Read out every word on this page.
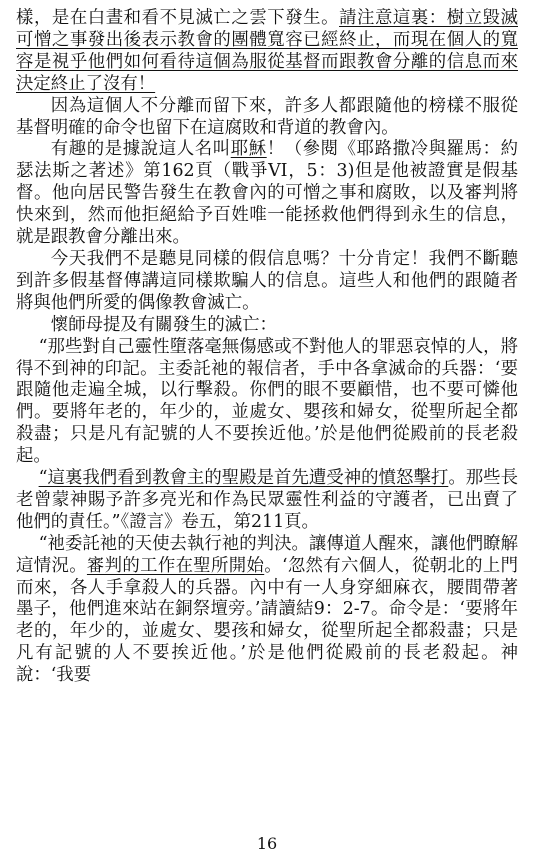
樣，是在白晝和看不見滅亡之雲下發生。請注意這裏：樹立毀滅可憎之事發出後表示教會的團體寬容已經終止，而現在個人的寬容是視乎他們如何看待這個為服從基督而跟教會分離的信息而來決定終止了沒有！

因為這個人不分離而留下來，許多人都跟隨他的榜樣不服從基督明確的命令也留下在這腐敗和背道的教會內。

有趣的是據說這人名叫耶穌！（參閱《耶路撒冷與羅馬：約瑟法斯之著述》第162頁（戰爭VI，5：3)但是他被證實是假基督。他向居民警告發生在教會內的可憎之事和腐敗，以及審判將快來到，然而他拒絕給予百姓唯一能拯救他們得到永生的信息，就是跟教會分離出來。

今天我們不是聽見同樣的假信息嗎？十分肯定！我們不斷聽到許多假基督傳講這同樣欺騙人的信息。這些人和他們的跟隨者將與他們所愛的偶像教會滅亡。

懷師母提及有關發生的滅亡：

“那些對自己靈性墮落毫無傷感或不對他人的罪惡哀悼的人，將得不到神的印記。主委託祂的報信者，手中各拿滅命的兵器：‘要跟隨他走遍全城，以行擊殺。你們的眼不要顧惜，也不要可憐他們。要將年老的，年少的，並處女、嬰孩和婦女，從聖所起全都殺盡；只是凡有記號的人不要挨近他。’於是他們從殿前的長老殺起。

“這裏我們看到教會主的聖殿是首先遭受神的憤怒擊打。那些長老曾蒙神賜予許多亮光和作為民眾靈性利益的守護者，已出賣了他們的責任。”《證言》卷五，第211頁。

“祂委託祂的天使去執行祂的判決。讓傳道人醒來，讓他們瞭解這情況。審判的工作在聖所開始。‘忽然有六個人，從朝北的上門而來，各人手拿殺人的兵器。內中有一人身穿細麻衣，腰間帶著墨子，他們進來站在銅祭壇旁。’請讀結9：2-7。命令是：‘要將年老的，年少的，並處女、嬰孩和婦女，從聖所起全都殺盡；只是凡有記號的人不要挨近他。’於是他們從殿前的長老殺起。神說：‘我要

16
